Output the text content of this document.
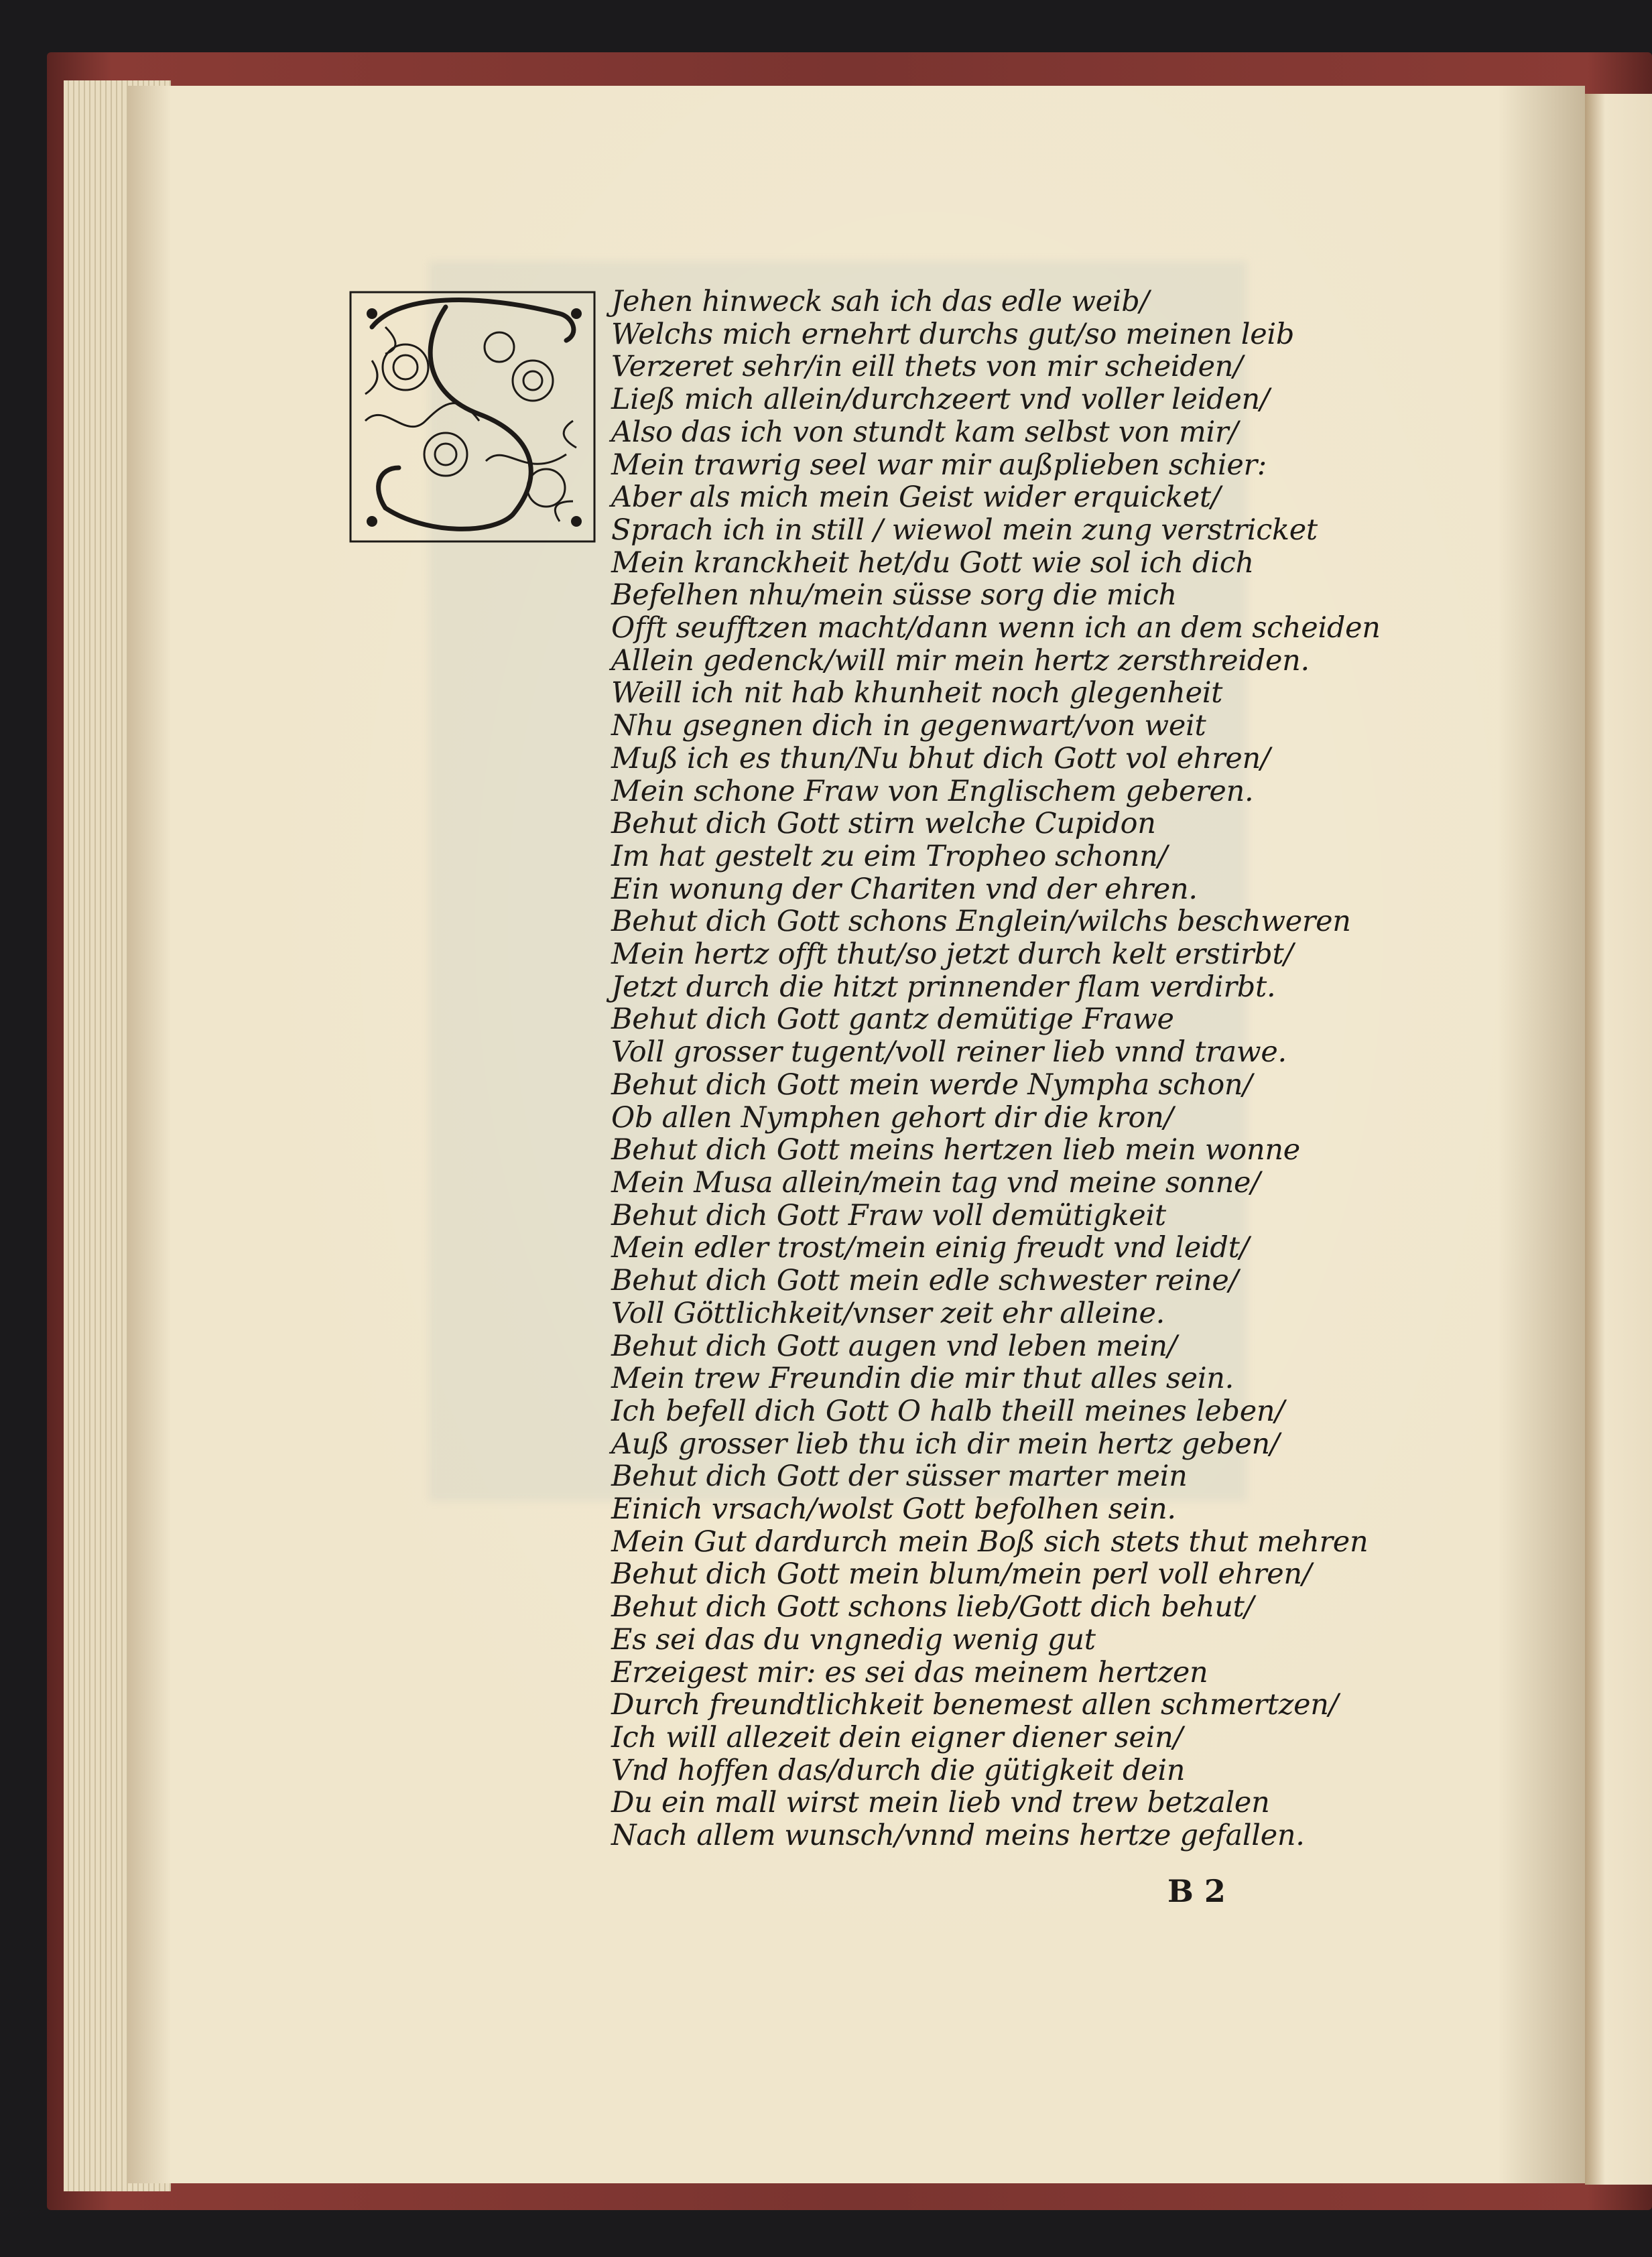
Jehen hinweck sah ich das edle weib/
Welchs mich ernehrt durchs gut/so meinen leib
Verzeret sehr/in eill thets von mir scheiden/
Ließ mich allein/durchzeert vnd voller leiden/
Also das ich von stundt kam selbst von mir/
Mein trawrig seel war mir außplieben schier:
Aber als mich mein Geist wider erquicket/
Sprach ich in still / wiewol mein zung verstricket
Mein kranckheit het/du Gott wie sol ich dich
Befelhen nhu/mein süsse sorg die mich
Offt seufftzen macht/dann wenn ich an dem scheiden
Allein gedenck/will mir mein hertz zersthreiden.
Weill ich nit hab khunheit noch glegenheit
Nhu gsegnen dich in gegenwart/von weit
Muß ich es thun/Nu bhut dich Gott vol ehren/
Mein schone Fraw von Englischem geberen.
Behut dich Gott stirn welche Cupidon
Im hat gestelt zu eim Tropheo schonn/
Ein wonung der Chariten vnd der ehren.
Behut dich Gott schons Englein/wilchs beschweren
Mein hertz offt thut/so jetzt durch kelt erstirbt/
Jetzt durch die hitzt prinnender flam verdirbt.
Behut dich Gott gantz demütige Frawe
Voll grosser tugent/voll reiner lieb vnnd trawe.
Behut dich Gott mein werde Nympha schon/
Ob allen Nymphen gehort dir die kron/
Behut dich Gott meins hertzen lieb mein wonne
Mein Musa allein/mein tag vnd meine sonne/
Behut dich Gott Fraw voll demütigkeit
Mein edler trost/mein einig freudt vnd leidt/
Behut dich Gott mein edle schwester reine/
Voll Göttlichkeit/vnser zeit ehr alleine.
Behut dich Gott augen vnd leben mein/
Mein trew Freundin die mir thut alles sein.
Ich befell dich Gott O halb theill meines leben/
Auß grosser lieb thu ich dir mein hertz geben/
Behut dich Gott der süsser marter mein
Einich vrsach/wolst Gott befolhen sein.
Mein Gut dardurch mein Boß sich stets thut mehren
Behut dich Gott mein blum/mein perl voll ehren/
Behut dich Gott schons lieb/Gott dich behut/
Es sei das du vngnedig wenig gut
Erzeigest mir: es sei das meinem hertzen
Durch freundtlichkeit benemest allen schmertzen/
Ich will allezeit dein eigner diener sein/
Vnd hoffen das/durch die gütigkeit dein
Du ein mall wirst mein lieb vnd trew betzalen
Nach allem wunsch/vnnd meins hertze gefallen.
B 2
